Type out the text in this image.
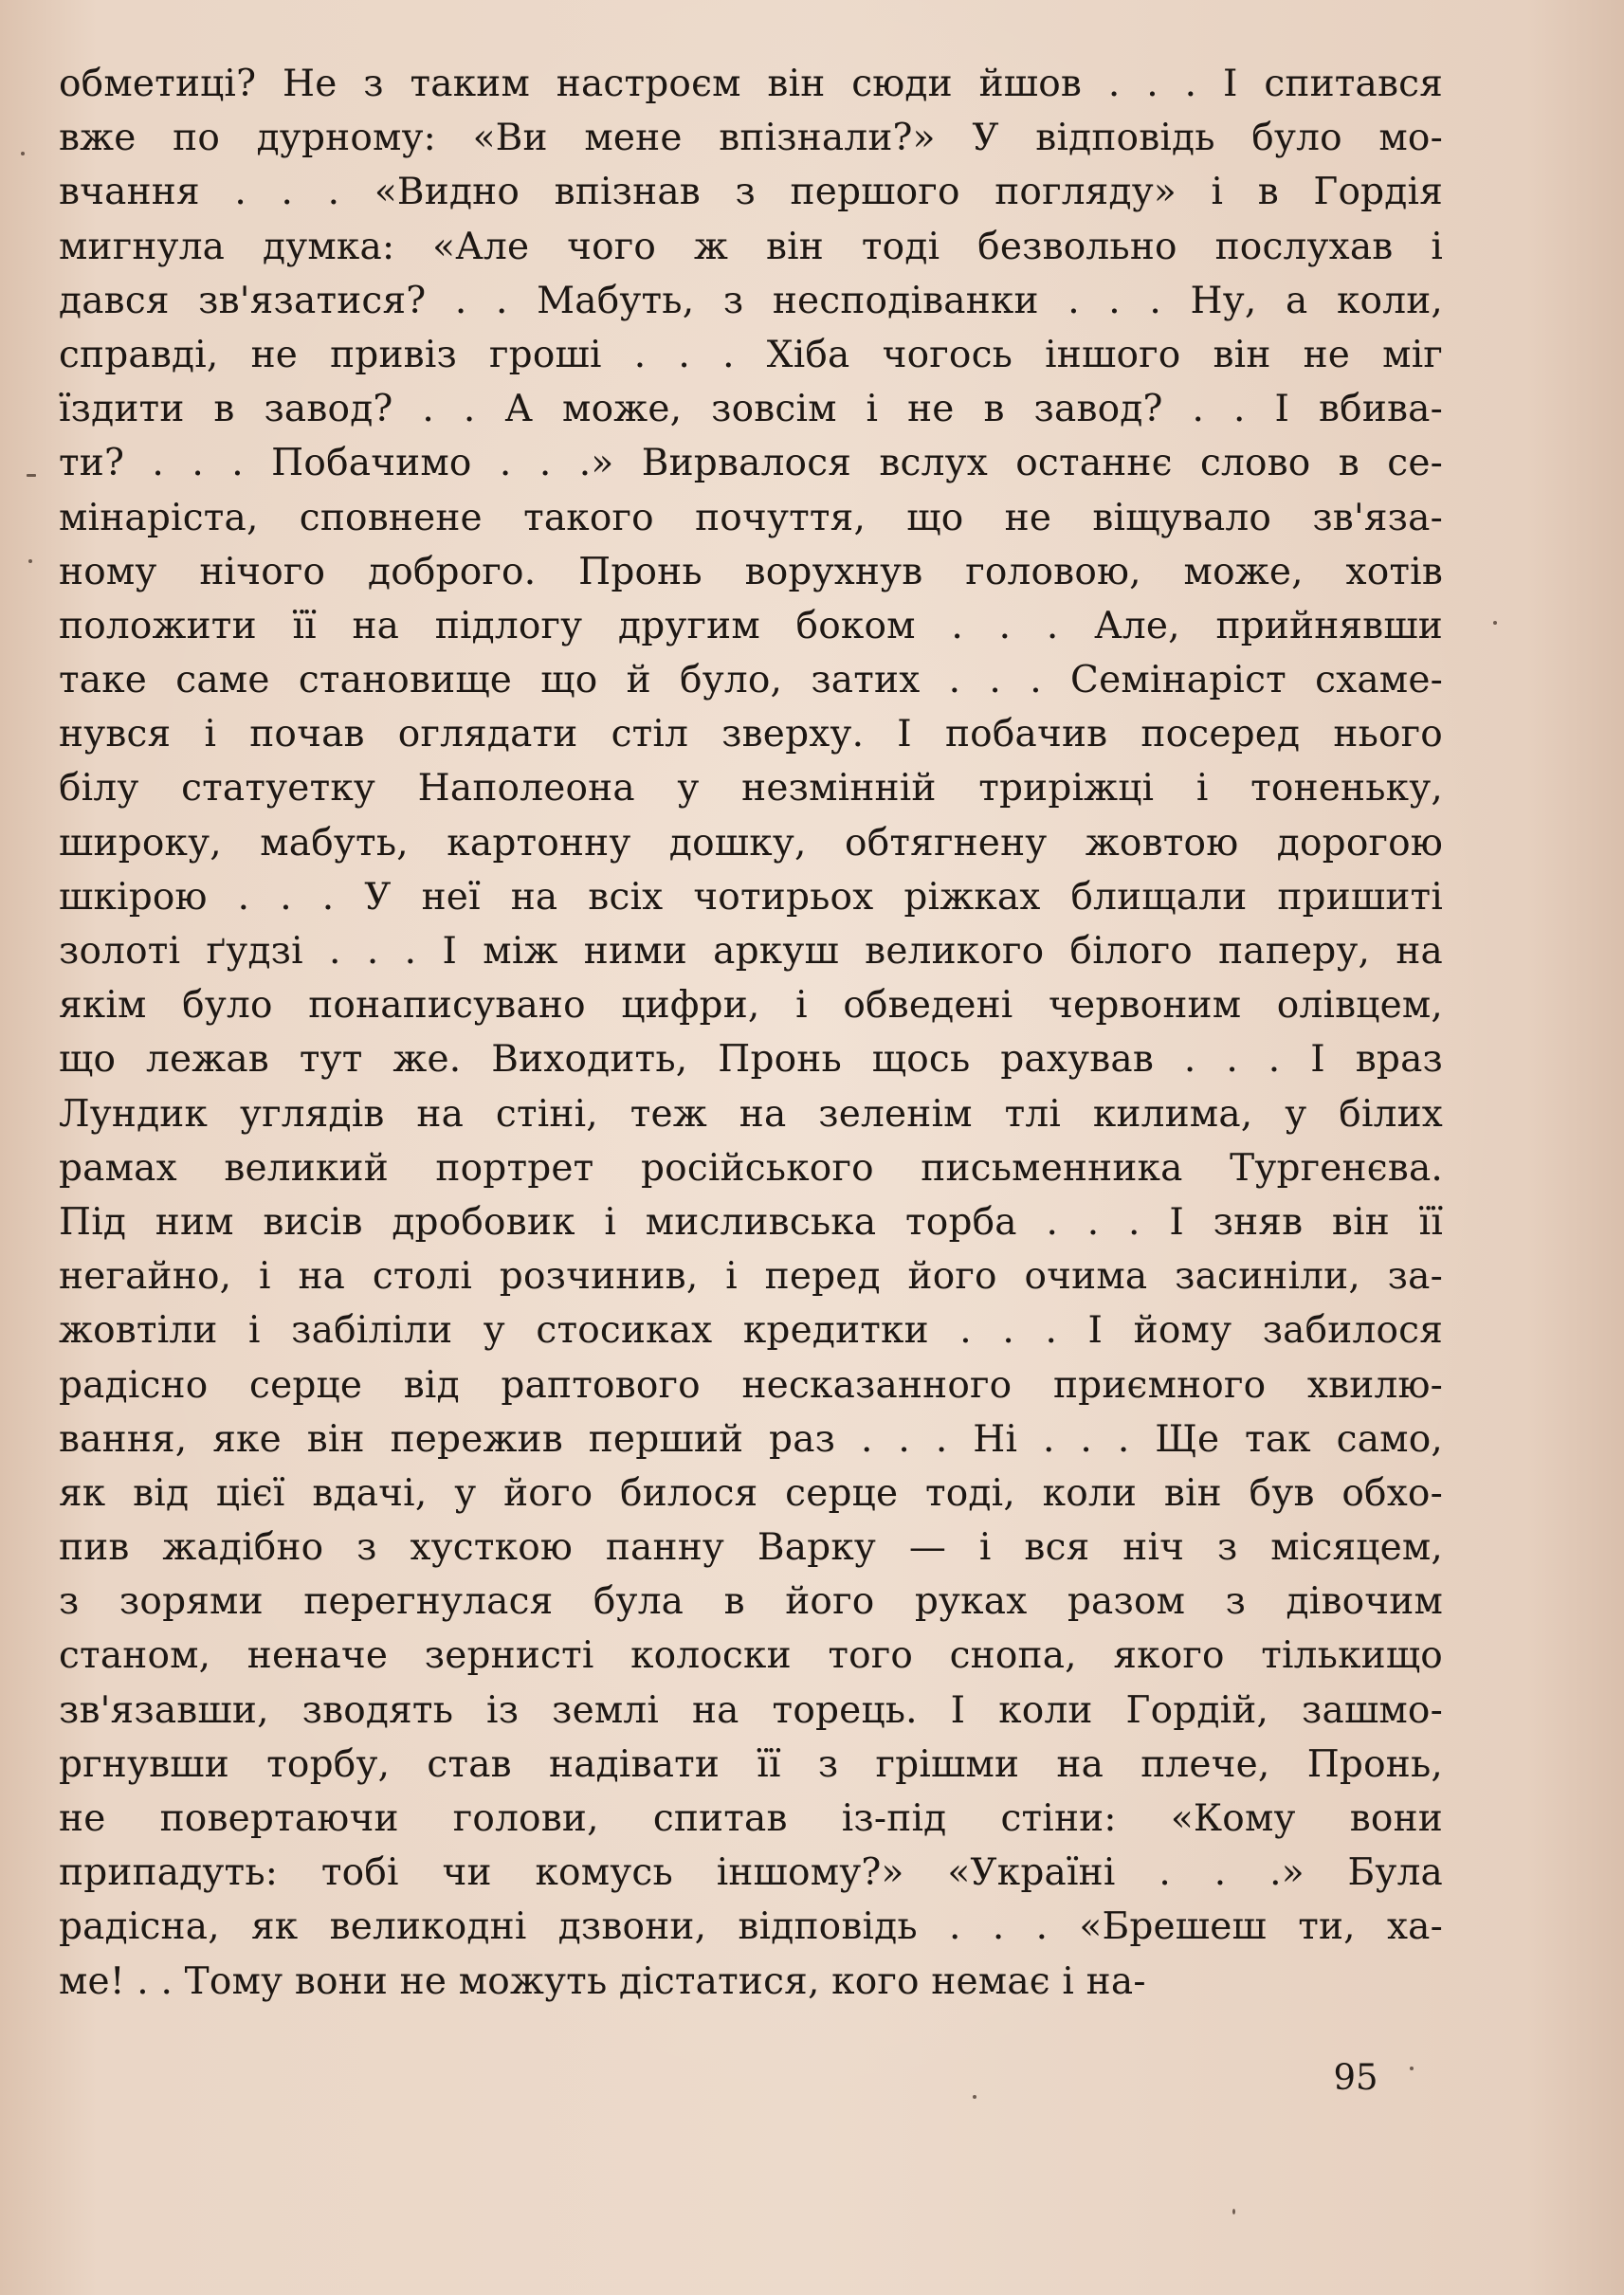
обметиці? Не з таким настроєм він сюди йшов . . . І спитався
вже по дурному: «Ви мене впізнали?» У відповідь було мо-
вчання . . . «Видно впізнав з першого погляду» і в Гордія
мигнула думка: «Але чого ж він тоді безвольно послухав і
дався зв'язатися? . . Мабуть, з несподіванки . . . Ну, а коли,
справді, не привіз гроші . . . Хіба чогось іншого він не міг
їздити в завод? . . А може, зовсім і не в завод? . . І вбива-
ти? . . . Побачимо . . .» Вирвалося вслух останнє слово в се-
мінаріста, сповнене такого почуття, що не віщувало зв'яза-
ному нічого доброго. Пронь ворухнув головою, може, хотів
положити її на підлогу другим боком . . . Але, прийнявши
таке саме становище що й було, затих . . . Семінаріст схаме-
нувся і почав оглядати стіл зверху. І побачив посеред нього
білу статуетку Наполеона у незмінній триріжці і тоненьку,
широку, мабуть, картонну дошку, обтягнену жовтою дорогою
шкірою . . . У неї на всіх чотирьох ріжках блищали пришиті
золоті ґудзі . . . І між ними аркуш великого білого паперу, на
якім було понаписувано цифри, і обведені червоним олівцем,
що лежав тут же. Виходить, Пронь щось рахував . . . І враз
Лундик углядів на стіні, теж на зеленім тлі килима, у білих
рамах великий портрет російського письменника Тургенєва.
Під ним висів дробовик і мисливська торба . . . І зняв він її
негайно, і на столі розчинив, і перед його очима засиніли, за-
жовтіли і забіліли у стосиках кредитки . . . І йому забилося
радісно серце від раптового несказанного приємного хвилю-
вання, яке він пережив перший раз . . . Ні . . . Ще так само,
як від цієї вдачі, у його билося серце тоді, коли він був обхо-
пив жадібно з хусткою панну Варку — і вся ніч з місяцем,
з зорями перегнулася була в його руках разом з дівочим
станом, неначе зернисті колоски того снопа, якого тількищо
зв'язавши, зводять із землі на торець. І коли Гордій, зашмо-
ргнувши торбу, став надівати її з грішми на плече, Пронь,
не повертаючи голови, спитав із-під стіни: «Кому вони
припадуть: тобі чи комусь іншому?» «Україні . . .» Була
радісна, як великодні дзвони, відповідь . . . «Брешеш ти, ха-
ме! . . Тому вони не можуть дістатися, кого немає і на-
95
